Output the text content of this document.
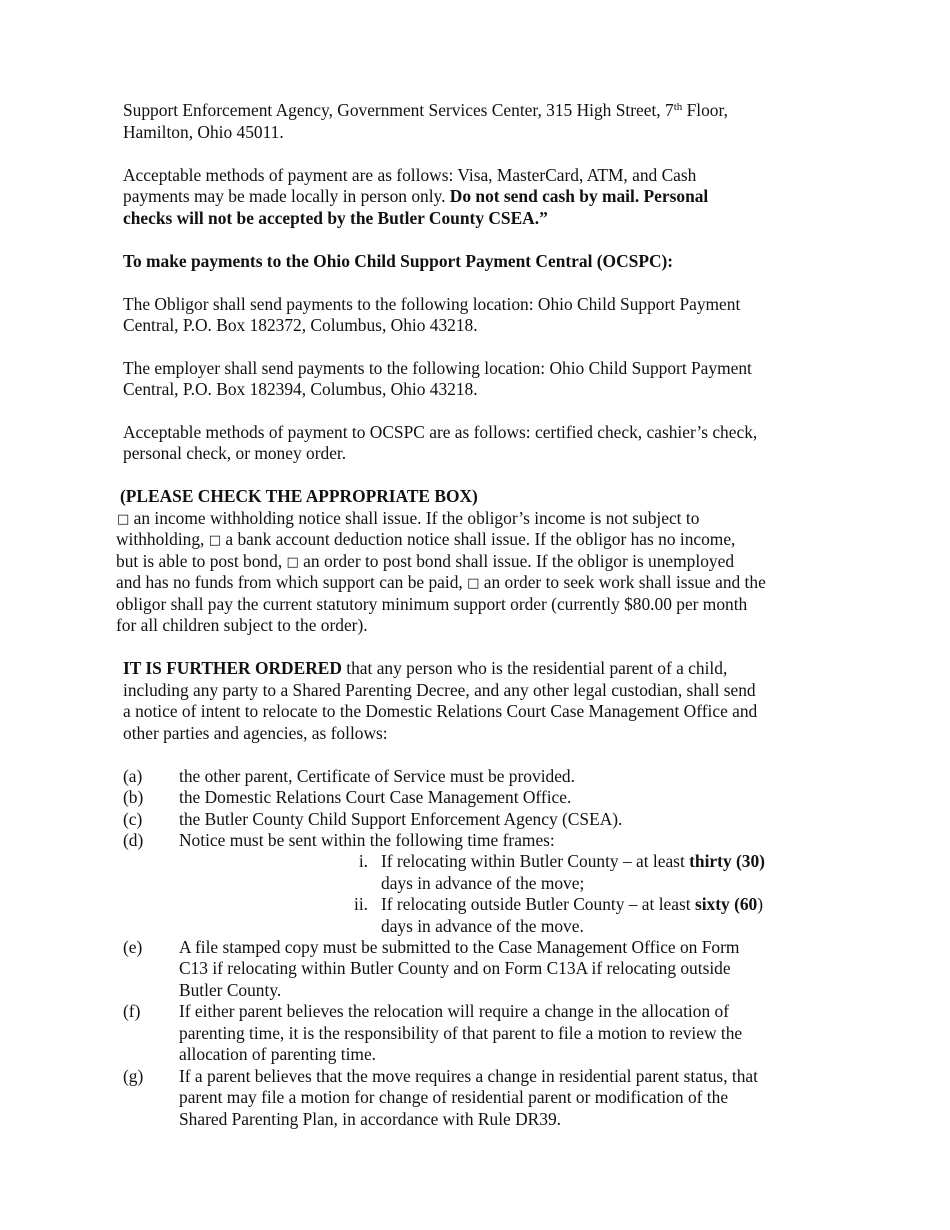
Support Enforcement Agency, Government Services Center, 315 High Street, 7th Floor,
Hamilton, Ohio 45011.
Acceptable methods of payment are as follows: Visa, MasterCard, ATM, and Cash
payments may be made locally in person only. Do not send cash by mail. Personal
checks will not be accepted by the Butler County CSEA.”
To make payments to the Ohio Child Support Payment Central (OCSPC):
The Obligor shall send payments to the following location: Ohio Child Support Payment
Central, P.O. Box 182372, Columbus, Ohio 43218.
The employer shall send payments to the following location: Ohio Child Support Payment
Central, P.O. Box 182394, Columbus, Ohio 43218.
Acceptable methods of payment to OCSPC are as follows: certified check, cashier’s check,
personal check, or money order.
(PLEASE CHECK THE APPROPRIATE BOX)
□ an income withholding notice shall issue. If the obligor’s income is not subject to
withholding, □ a bank account deduction notice shall issue. If the obligor has no income,
but is able to post bond, □ an order to post bond shall issue. If the obligor is unemployed
and has no funds from which support can be paid, □ an order to seek work shall issue and the
obligor shall pay the current statutory minimum support order (currently $80.00 per month
for all children subject to the order).
IT IS FURTHER ORDERED that any person who is the residential parent of a child,
including any party to a Shared Parenting Decree, and any other legal custodian, shall send
a notice of intent to relocate to the Domestic Relations Court Case Management Office and
other parties and agencies, as follows:
(a) the other parent, Certificate of Service must be provided.
(b) the Domestic Relations Court Case Management Office.
(c) the Butler County Child Support Enforcement Agency (CSEA).
(d) Notice must be sent within the following time frames:
i. If relocating within Butler County – at least thirty (30)
days in advance of the move;
ii. If relocating outside Butler County – at least sixty (60)
days in advance of the move.
(e) A file stamped copy must be submitted to the Case Management Office on Form
C13 if relocating within Butler County and on Form C13A if relocating outside
Butler County.
(f) If either parent believes the relocation will require a change in the allocation of
parenting time, it is the responsibility of that parent to file a motion to review the
allocation of parenting time.
(g) If a parent believes that the move requires a change in residential parent status, that
parent may file a motion for change of residential parent or modification of the
Shared Parenting Plan, in accordance with Rule DR39.
